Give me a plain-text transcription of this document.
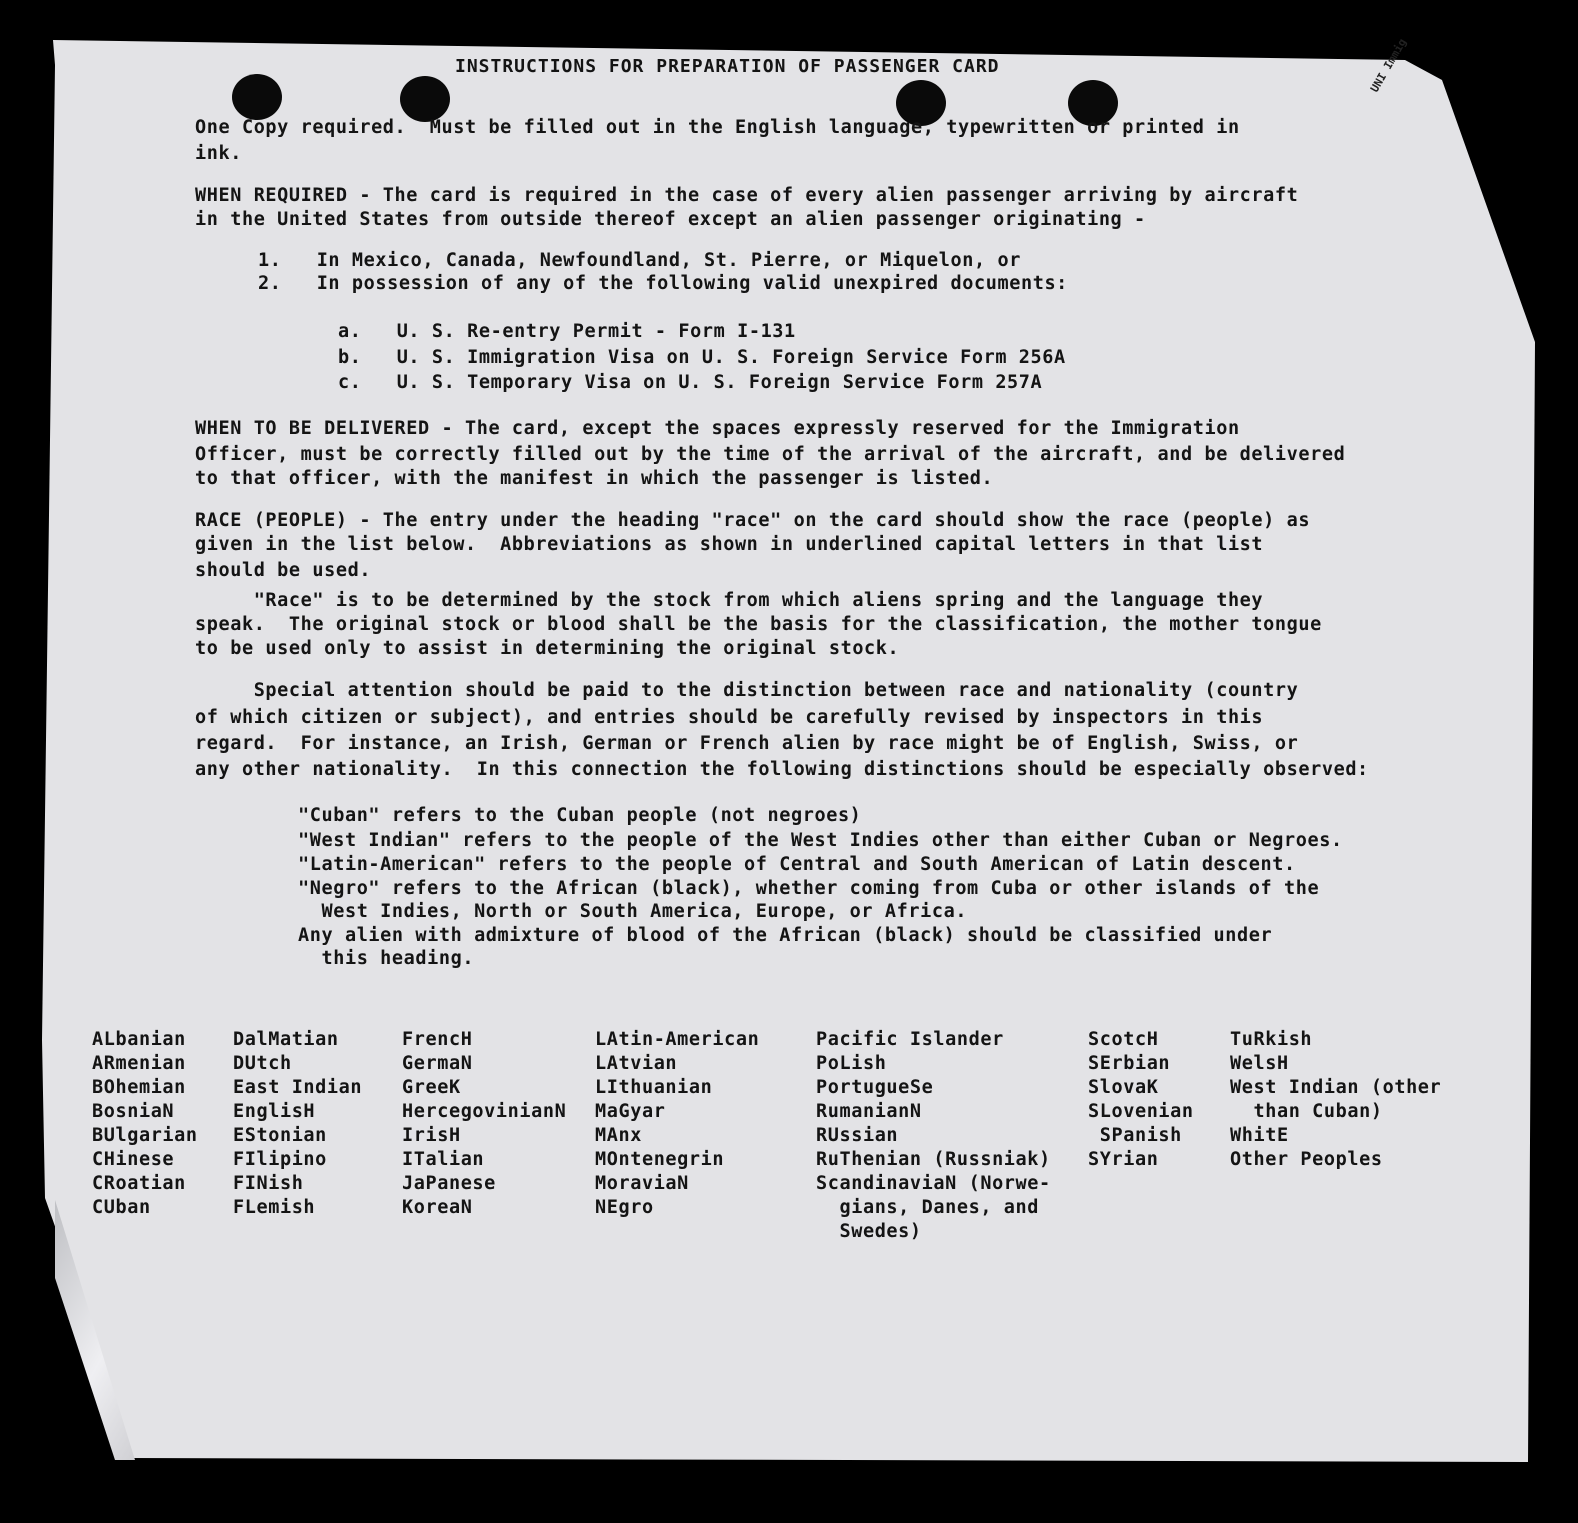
UNI Immig
INSTRUCTIONS FOR PREPARATION OF PASSENGER CARD
One Copy required.  Must be filled out in the English language, typewritten or printed in
ink.
WHEN REQUIRED - The card is required in the case of every alien passenger arriving by aircraft
in the United States from outside thereof except an alien passenger originating -
1.   In Mexico, Canada, Newfoundland, St. Pierre, or Miquelon, or
2.   In possession of any of the following valid unexpired documents:
a.   U. S. Re-entry Permit - Form I-131
b.   U. S. Immigration Visa on U. S. Foreign Service Form 256A
c.   U. S. Temporary Visa on U. S. Foreign Service Form 257A
WHEN TO BE DELIVERED - The card, except the spaces expressly reserved for the Immigration
Officer, must be correctly filled out by the time of the arrival of the aircraft, and be delivered
to that officer, with the manifest in which the passenger is listed.
RACE (PEOPLE) - The entry under the heading "race" on the card should show the race (people) as
given in the list below.  Abbreviations as shown in underlined capital letters in that list
should be used.
"Race" is to be determined by the stock from which aliens spring and the language they
speak.  The original stock or blood shall be the basis for the classification, the mother tongue
to be used only to assist in determining the original stock.
Special attention should be paid to the distinction between race and nationality (country
of which citizen or subject), and entries should be carefully revised by inspectors in this
regard.  For instance, an Irish, German or French alien by race might be of English, Swiss, or
any other nationality.  In this connection the following distinctions should be especially observed:
"Cuban" refers to the Cuban people (not negroes)
"West Indian" refers to the people of the West Indies other than either Cuban or Negroes.
"Latin-American" refers to the people of Central and South American of Latin descent.
"Negro" refers to the African (black), whether coming from Cuba or other islands of the
West Indies, North or South America, Europe, or Africa.
Any alien with admixture of blood of the African (black) should be classified under
this heading.
ALbanian
ARmenian
BOhemian
BosniaN
BUlgarian
CHinese
CRoatian
CUban
DalMatian
DUtch
East Indian
EnglisH
EStonian
FIlipino
FINish
FLemish
FrencH
GermaN
GreeK
HercegovinianN
IrisH
ITalian
JaPanese
KoreaN
LAtin-American
LAtvian
LIthuanian
MaGyar
MAnx
MOntenegrin
MoraviaN
NEgro
Pacific Islander
PoLish
PortugueSe
RumanianN
RUssian
RuThenian (Russniak)
ScandinaviaN (Norwe-
gians, Danes, and
Swedes)
ScotcH
SErbian
SlovaK
SLovenian
SPanish
SYrian
TuRkish
WelsH
West Indian (other
than Cuban)
WhitE
Other Peoples
